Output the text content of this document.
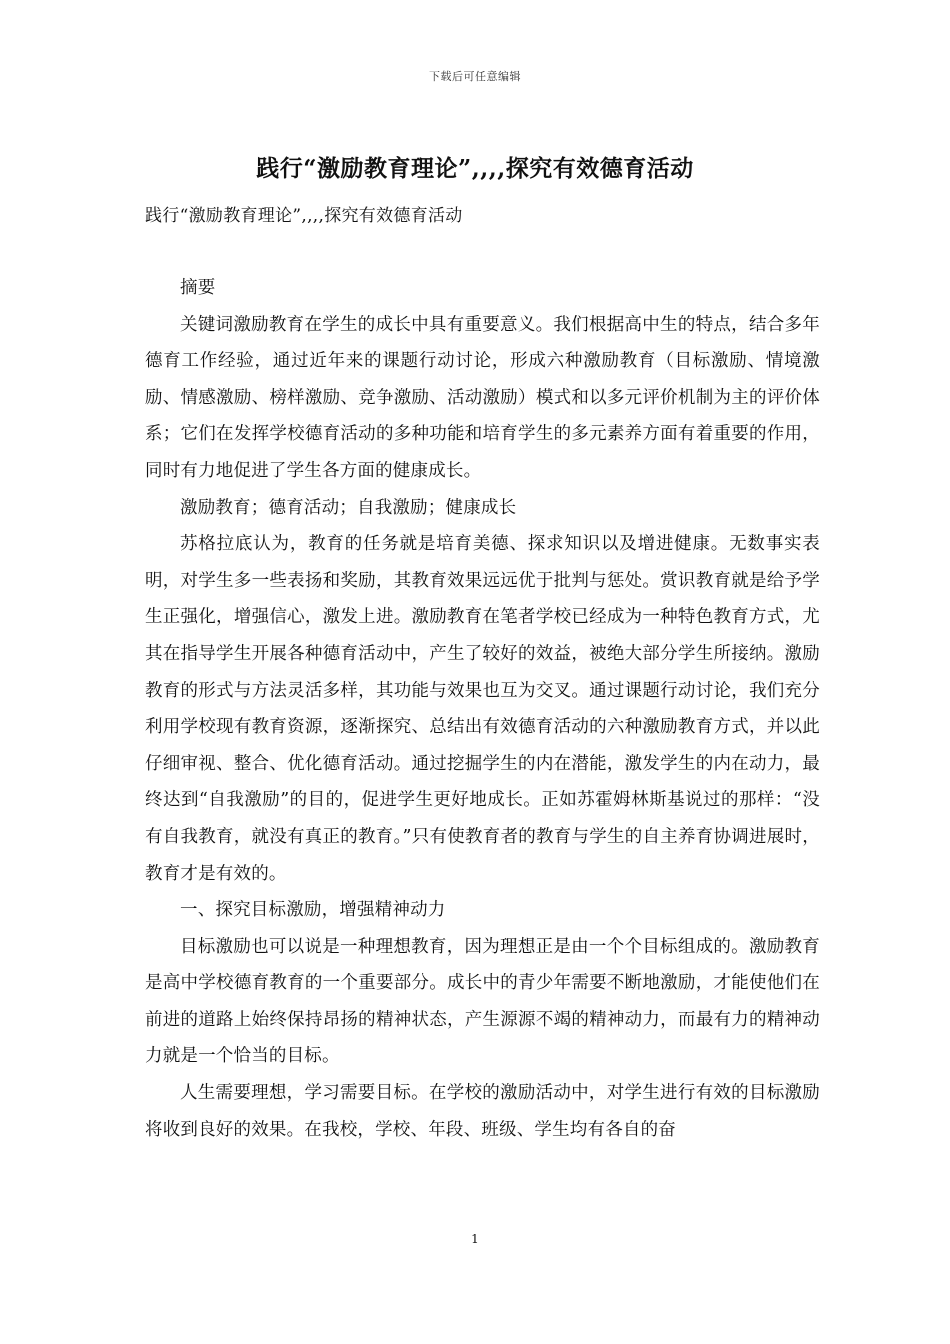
下载后可任意编辑
践行“激励教育理论”,,,,探究有效德育活动
践行“激励教育理论”,,,,探究有效德育活动

摘要

关键词激励教育在学生的成长中具有重要意义。我们根据高中生的特点，结合多年德育工作经验，通过近年来的课题行动讨论，形成六种激励教育（目标激励、情境激励、情感激励、榜样激励、竞争激励、活动激励）模式和以多元评价机制为主的评价体系；它们在发挥学校德育活动的多种功能和培育学生的多元素养方面有着重要的作用，同时有力地促进了学生各方面的健康成长。

激励教育；德育活动；自我激励；健康成长

苏格拉底认为，教育的任务就是培育美德、探求知识以及增进健康。无数事实表明，对学生多一些表扬和奖励，其教育效果远远优于批判与惩处。赏识教育就是给予学生正强化，增强信心，激发上进。激励教育在笔者学校已经成为一种特色教育方式，尤其在指导学生开展各种德育活动中，产生了较好的效益，被绝大部分学生所接纳。激励教育的形式与方法灵活多样，其功能与效果也互为交叉。通过课题行动讨论，我们充分利用学校现有教育资源，逐渐探究、总结出有效德育活动的六种激励教育方式，并以此仔细审视、整合、优化德育活动。通过挖掘学生的内在潜能，激发学生的内在动力，最终达到“自我激励”的目的，促进学生更好地成长。正如苏霍姆林斯基说过的那样：“没有自我教育，就没有真正的教育。”只有使教育者的教育与学生的自主养育协调进展时，教育才是有效的。

一、探究目标激励，增强精神动力

目标激励也可以说是一种理想教育，因为理想正是由一个个目标组成的。激励教育是高中学校德育教育的一个重要部分。成长中的青少年需要不断地激励，才能使他们在前进的道路上始终保持昂扬的精神状态，产生源源不竭的精神动力，而最有力的精神动力就是一个恰当的目标。

人生需要理想，学习需要目标。在学校的激励活动中，对学生进行有效的目标激励将收到良好的效果。在我校，学校、年段、班级、学生均有各自的奋

1
